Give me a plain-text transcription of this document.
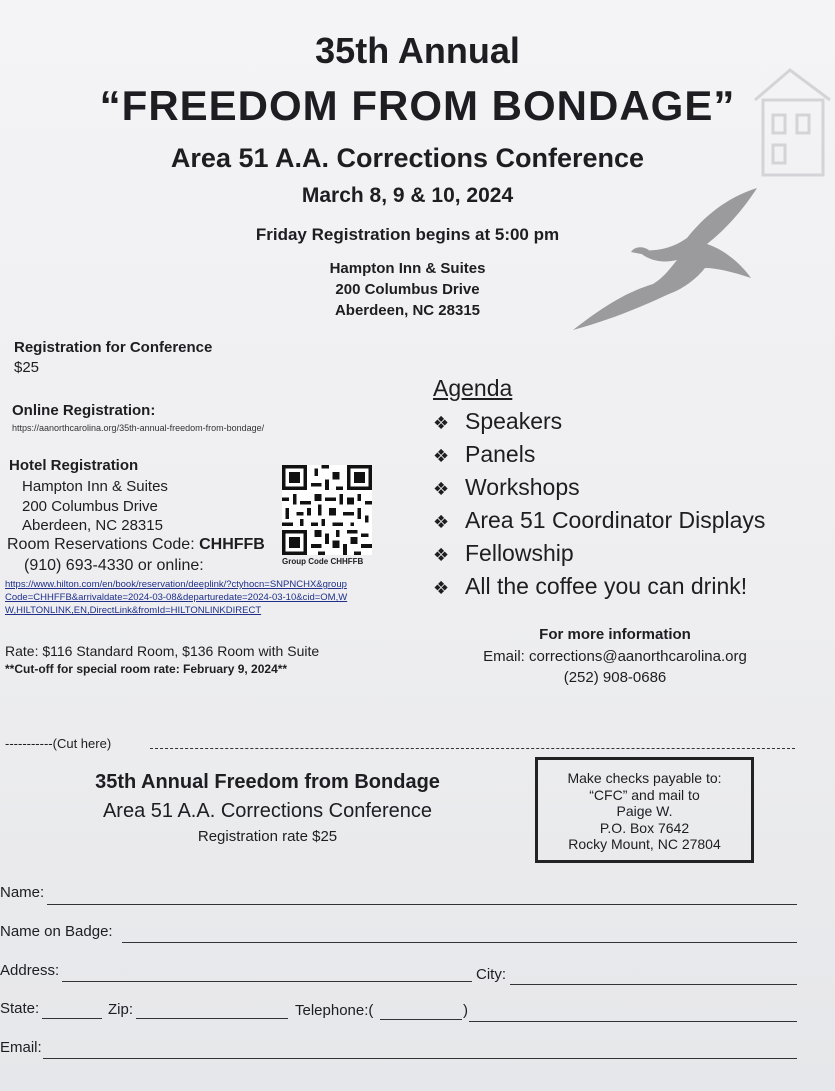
35th Annual
“FREEDOM FROM BONDAGE”
Area 51 A.A. Corrections Conference
March 8, 9 & 10, 2024
Friday Registration begins at 5:00 pm
Hampton Inn & Suites
200 Columbus Drive
Aberdeen, NC 28315
Registration for Conference
$25
Online Registration:
https://aanorthcarolina.org/35th-annual-freedom-from-bondage/
Hotel Registration
Hampton Inn & Suites
200 Columbus Drive
Aberdeen, NC 28315
Room Reservations Code: CHHFFB
(910) 693-4330 or online:
https://www.hilton.com/en/book/reservation/deeplink/?ctyhocn=SNPNCHX&group
Code=CHHFFB&arrivaldate=2024-03-08&departuredate=2024-03-10&cid=OM,W
W,HILTONLINK,EN,DirectLink&fromId=HILTONLINKDIRECT
Group Code CHHFFB
Rate: $116 Standard Room, $136 Room with Suite
**Cut-off for special room rate: February 9, 2024**
Agenda
❖ Speakers
❖ Panels
❖ Workshops
❖ Area 51 Coordinator Displays
❖ Fellowship
❖ All the coffee you can drink!
For more information
Email: corrections@aanorthcarolina.org
(252) 908-0686
-----------(Cut here)
35th Annual Freedom from Bondage
Area 51 A.A. Corrections Conference
Registration rate $25
Make checks payable to:
“CFC” and mail to
Paige W.
P.O. Box 7642
Rocky Mount, NC 27804
Name:
Name on Badge:
Address:	City:
State:	Zip:	Telephone:(	)
Email:
